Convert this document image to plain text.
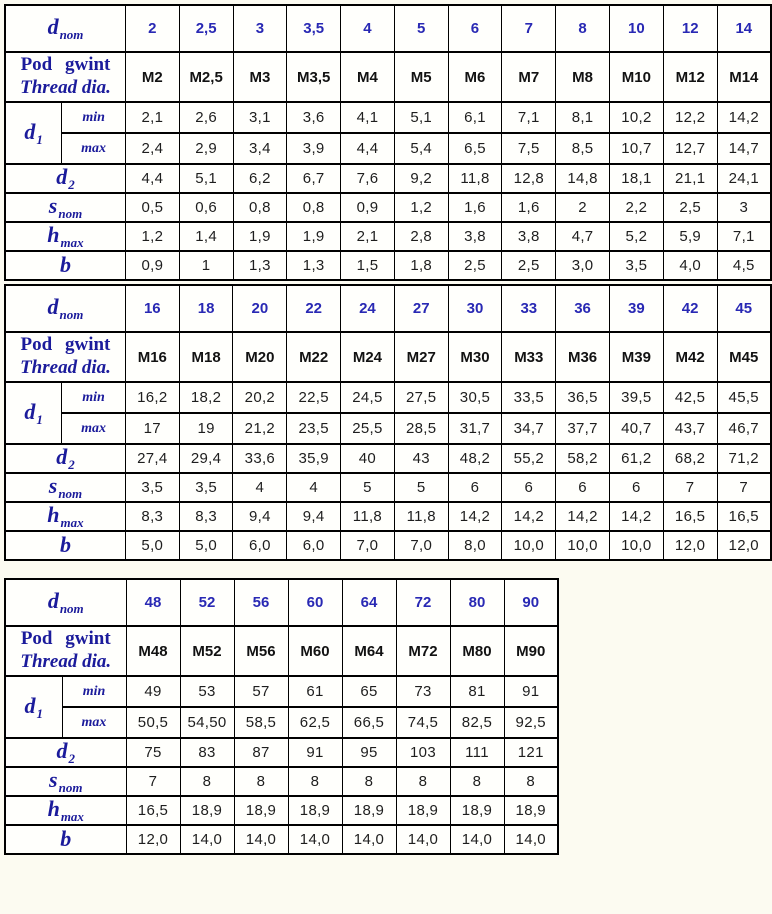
$d_{nom}$		2	2,5	3	3,5	4	5	6	7	8	10	12	14

Pod gwint
Thread dia.		M2	M2,5	M3	M3,5	M4	M5	M6	M7	M8	M10	M12	M14
$d_1$	min	2,1	2,6	3,1	3,6	4,1	5,1	6,1	7,1	8,1	10,2	12,2	14,2
	max	2,4	2,9	3,4	3,9	4,4	5,4	6,5	7,5	8,5	10,7	12,7	14,7
$d_2$		4,4	5,1	6,2	6,7	7,6	9,2	11,8	12,8	14,8	18,1	21,1	24,1
$s_{nom}$		0,5	0,6	0,8	0,8	0,9	1,2	1,6	1,6	2	2,2	2,5	3
$h_{max}$		1,2	1,4	1,9	1,9	2,1	2,8	3,8	3,8	4,7	5,2	5,9	7,1
b		0,9	1	1,3	1,3	1,5	1,8	2,5	2,5	3,0	3,5	4,0	4,5
$d_{nom}$		16	18	20	22	24	27	30	33	36	39	42	45

Pod gwint
Thread dia.		M16	M18	M20	M22	M24	M27	M30	M33	M36	M39	M42	M45
$d_1$	min	16,2	18,2	20,2	22,5	24,5	27,5	30,5	33,5	36,5	39,5	42,5	45,5
	max	17	19	21,2	23,5	25,5	28,5	31,7	34,7	37,7	40,7	43,7	46,7
$d_2$		27,4	29,4	33,6	35,9	40	43	48,2	55,2	58,2	61,2	68,2	71,2
$s_{nom}$		3,5	3,5	4	4	5	5	6	6	6	6	7	7
$h_{max}$		8,3	8,3	9,4	9,4	11,8	11,8	14,2	14,2	14,2	14,2	16,5	16,5
b		5,0	5,0	6,0	6,0	7,0	7,0	8,0	10,0	10,0	10,0	12,0	12,0
$d_{nom}$		48	52	56	60	64	72	80	90

Pod gwint
Thread dia.		M48	M52	M56	M60	M64	M72	M80	M90
$d_1$	min	49	53	57	61	65	73	81	91
	max	50,5	54,50	58,5	62,5	66,5	74,5	82,5	92,5
$d_2$		75	83	87	91	95	103	111	121
$s_{nom}$		7	8	8	8	8	8	8	8
$h_{max}$		16,5	18,9	18,9	18,9	18,9	18,9	18,9	18,9
b		12,0	14,0	14,0	14,0	14,0	14,0	14,0	14,0
